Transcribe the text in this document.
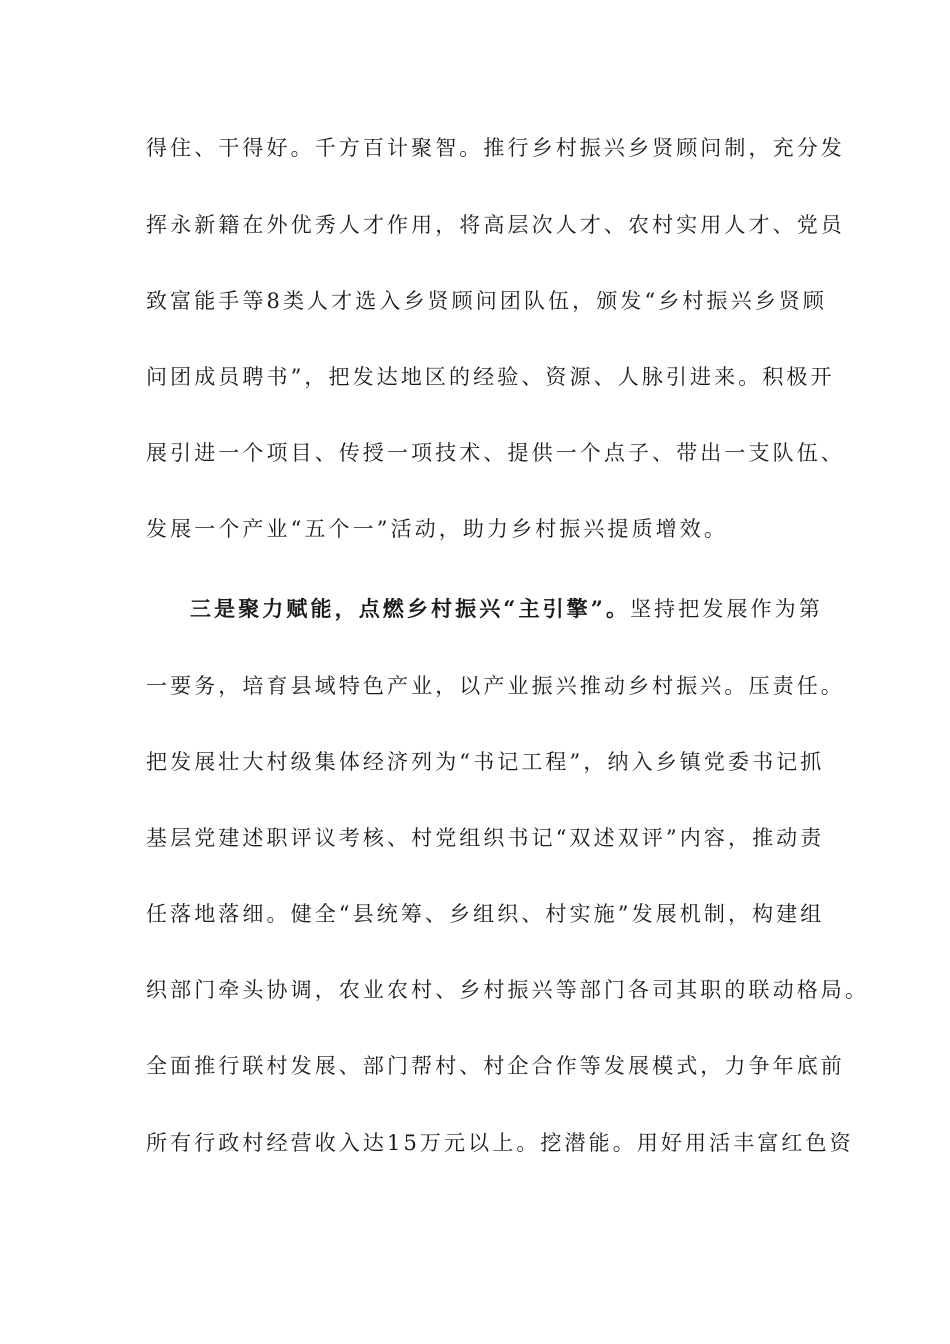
得住、干得好。千方百计聚智。推行乡村振兴乡贤顾问制，充分发
挥永新籍在外优秀人才作用，将高层次人才、农村实用人才、党员
致富能手等8类人才选入乡贤顾问团队伍，颁发“乡村振兴乡贤顾
问团成员聘书”，把发达地区的经验、资源、人脉引进来。积极开
展引进一个项目、传授一项技术、提供一个点子、带出一支队伍、
发展一个产业“五个一”活动，助力乡村振兴提质增效。
三是聚力赋能，点燃乡村振兴“主引擎”。坚持把发展作为第
一要务，培育县域特色产业，以产业振兴推动乡村振兴。压责任。
把发展壮大村级集体经济列为“书记工程”，纳入乡镇党委书记抓
基层党建述职评议考核、村党组织书记“双述双评”内容，推动责
任落地落细。健全“县统筹、乡组织、村实施”发展机制，构建组
织部门牵头协调，农业农村、乡村振兴等部门各司其职的联动格局。
全面推行联村发展、部门帮村、村企合作等发展模式，力争年底前
所有行政村经营收入达15万元以上。挖潜能。用好用活丰富红色资
